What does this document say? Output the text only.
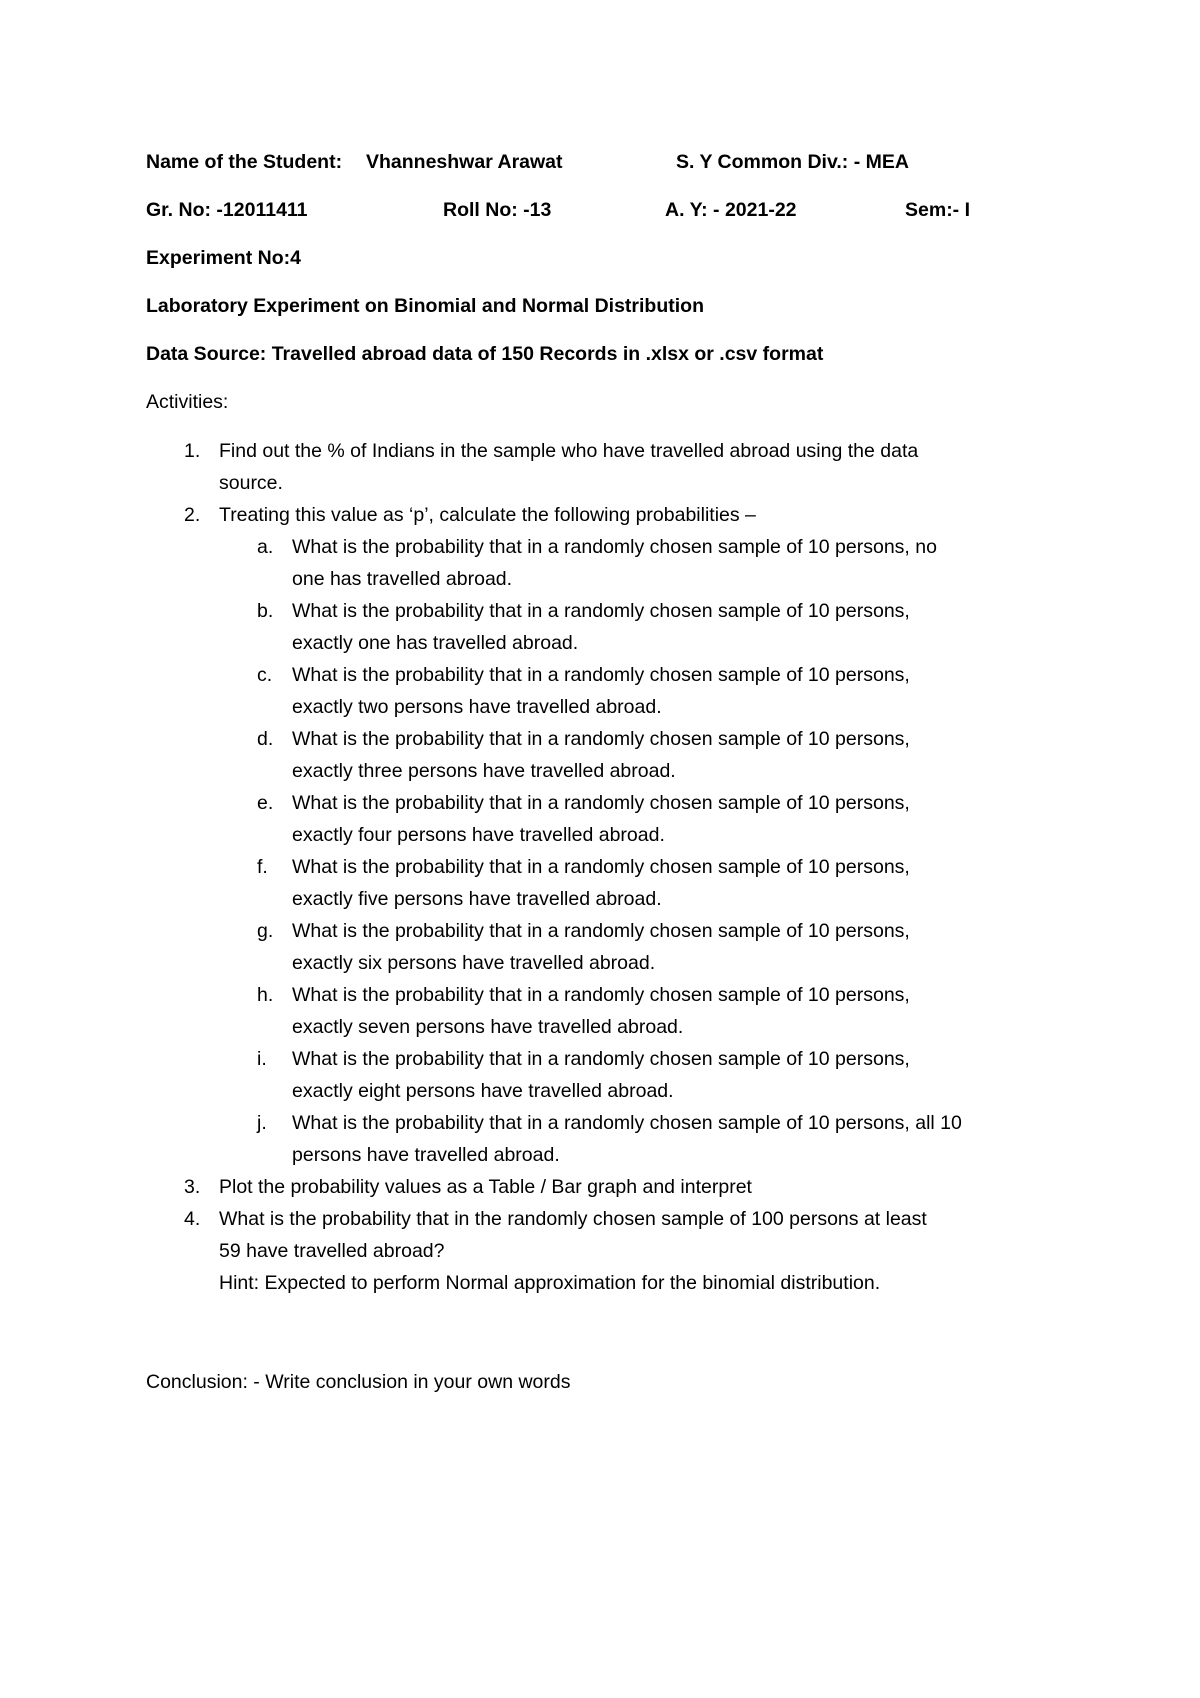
Name of the Student: Vhanneshwar Arawat	S. Y Common Div.: - MEA
Gr. No: -12011411	Roll No: -13	A. Y: - 2021-22	Sem:- I
Experiment No:4
Laboratory Experiment on Binomial and Normal Distribution
Data Source: Travelled abroad data of 150 Records in .xlsx or .csv format
Activities:
1. Find out the % of Indians in the sample who have travelled abroad using the data
source.
2. Treating this value as ‘p’, calculate the following probabilities –
a. What is the probability that in a randomly chosen sample of 10 persons, no
one has travelled abroad.
b. What is the probability that in a randomly chosen sample of 10 persons,
exactly one has travelled abroad.
c. What is the probability that in a randomly chosen sample of 10 persons,
exactly two persons have travelled abroad.
d. What is the probability that in a randomly chosen sample of 10 persons,
exactly three persons have travelled abroad.
e. What is the probability that in a randomly chosen sample of 10 persons,
exactly four persons have travelled abroad.
f. What is the probability that in a randomly chosen sample of 10 persons,
exactly five persons have travelled abroad.
g. What is the probability that in a randomly chosen sample of 10 persons,
exactly six persons have travelled abroad.
h. What is the probability that in a randomly chosen sample of 10 persons,
exactly seven persons have travelled abroad.
i. What is the probability that in a randomly chosen sample of 10 persons,
exactly eight persons have travelled abroad.
j. What is the probability that in a randomly chosen sample of 10 persons, all 10
persons have travelled abroad.
3. Plot the probability values as a Table / Bar graph and interpret
4. What is the probability that in the randomly chosen sample of 100 persons at least
59 have travelled abroad?
Hint: Expected to perform Normal approximation for the binomial distribution.
Conclusion: - Write conclusion in your own words
